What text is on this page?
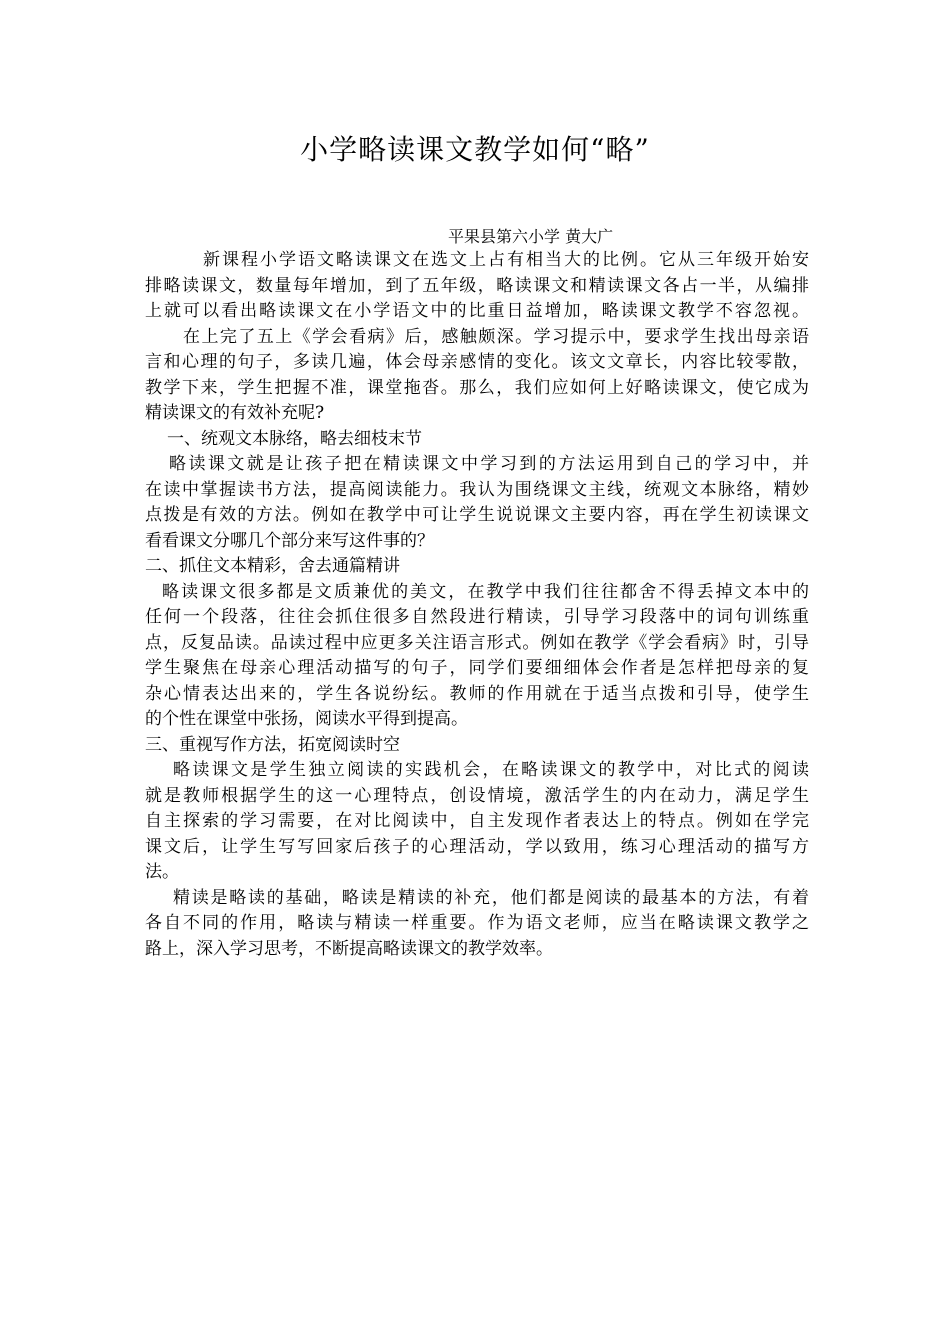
小学略读课文教学如何“略”
平果县第六小学 黄大广
新课程小学语文略读课文在选文上占有相当大的比例。它从三年级开始安
排略读课文，数量每年增加，到了五年级，略读课文和精读课文各占一半，从编排
上就可以看出略读课文在小学语文中的比重日益增加，略读课文教学不容忽视。
在上完了五上《学会看病》后，感触颇深。学习提示中，要求学生找出母亲语
言和心理的句子，多读几遍，体会母亲感情的变化。该文文章长，内容比较零散，
教学下来，学生把握不准，课堂拖沓。那么，我们应如何上好略读课文，使它成为
精读课文的有效补充呢?
一、统观文本脉络，略去细枝末节
略读课文就是让孩子把在精读课文中学习到的方法运用到自己的学习中，并
在读中掌握读书方法，提高阅读能力。我认为围绕课文主线，统观文本脉络，精妙
点拨是有效的方法。例如在教学中可让学生说说课文主要内容，再在学生初读课文
看看课文分哪几个部分来写这件事的？
二、抓住文本精彩，舍去通篇精讲
略读课文很多都是文质兼优的美文，在教学中我们往往都舍不得丢掉文本中的
任何一个段落，往往会抓住很多自然段进行精读，引导学习段落中的词句训练重
点，反复品读。品读过程中应更多关注语言形式。例如在教学《学会看病》时，引导
学生聚焦在母亲心理活动描写的句子，同学们要细细体会作者是怎样把母亲的复
杂心情表达出来的，学生各说纷纭。教师的作用就在于适当点拨和引导，使学生
的个性在课堂中张扬，阅读水平得到提高。
三、重视写作方法，拓宽阅读时空
略读课文是学生独立阅读的实践机会，在略读课文的教学中，对比式的阅读
就是教师根据学生的这一心理特点，创设情境，激活学生的内在动力，满足学生
自主探索的学习需要，在对比阅读中，自主发现作者表达上的特点。例如在学完
课文后，让学生写写回家后孩子的心理活动，学以致用，练习心理活动的描写方
法。
精读是略读的基础，略读是精读的补充，他们都是阅读的最基本的方法，有着
各自不同的作用，略读与精读一样重要。作为语文老师，应当在略读课文教学之
路上，深入学习思考，不断提高略读课文的教学效率。
